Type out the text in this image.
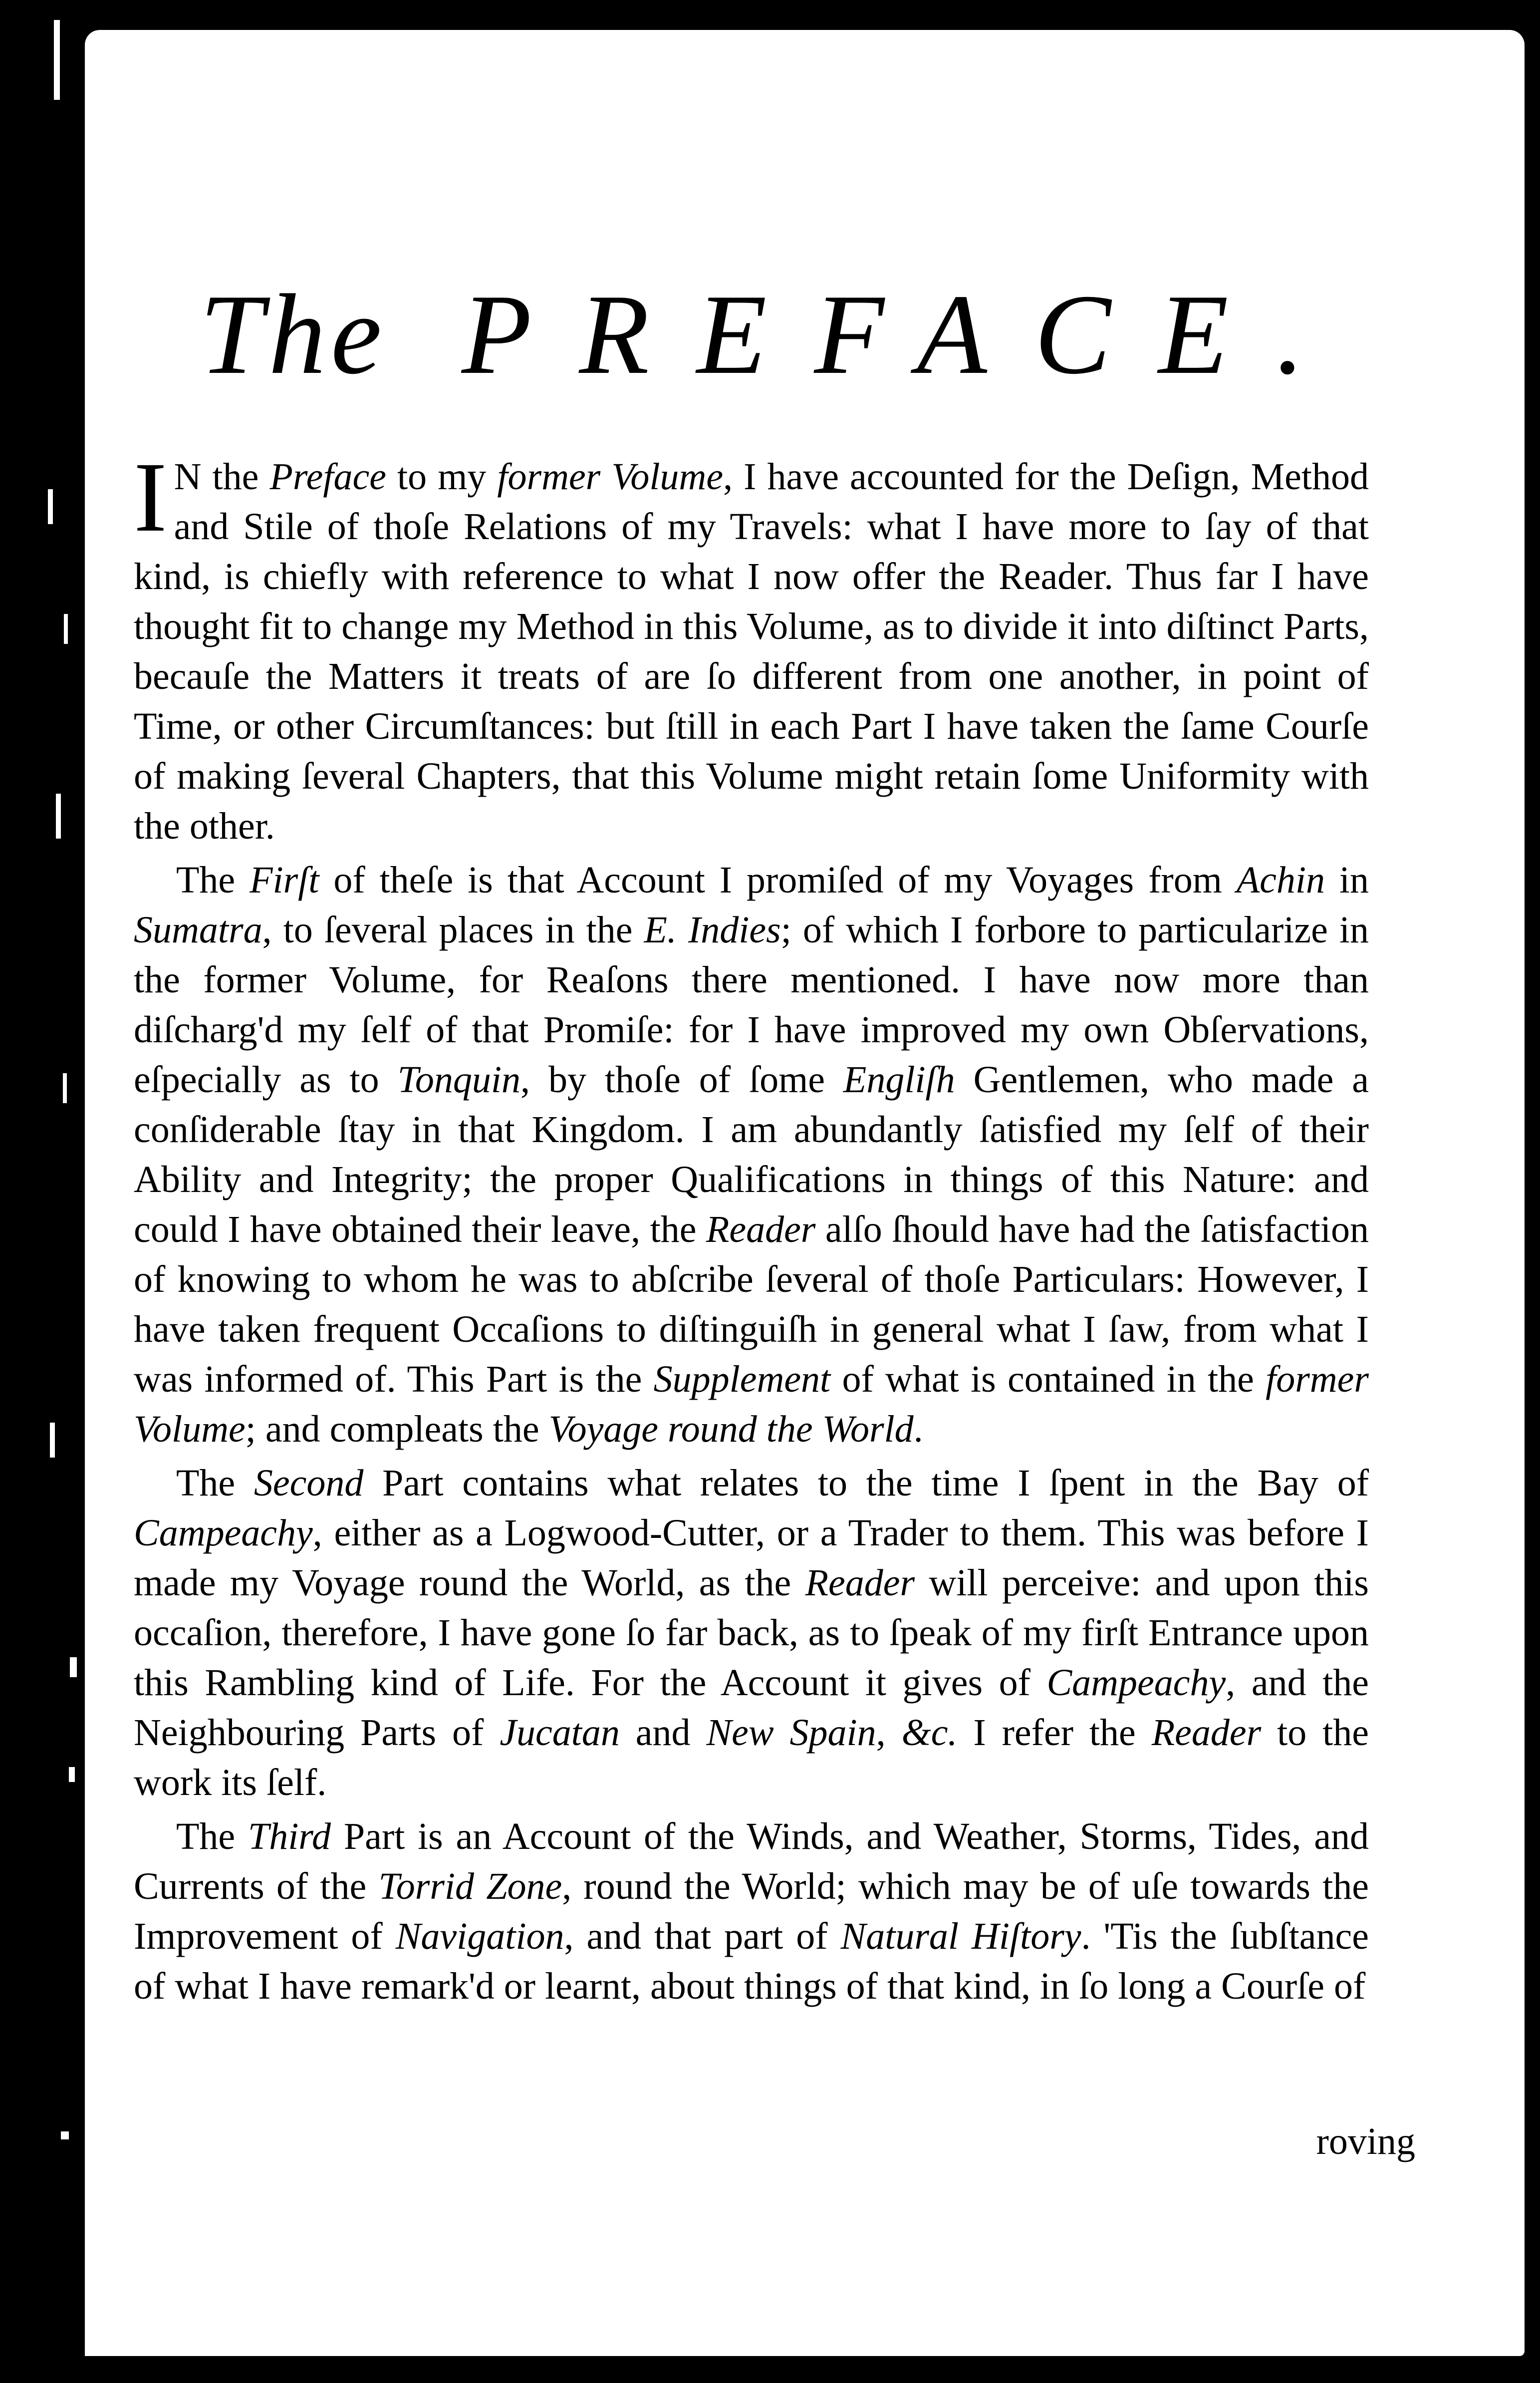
The PREFACE.

I N the Preface to my former Volume, I have accounted for the Deſign, Method and Stile of thoſe Relations of my Travels: what I have more to ſay of that kind, is chiefly with reference to what I now offer the Reader. Thus far I have thought fit to change my Method in this Volume, as to divide it into diſtinct Parts, becauſe the Matters it treats of are ſo different from one another, in point of Time, or other Circumſtances: but ſtill in each Part I have taken the ſame Courſe of making ſeveral Chapters, that this Volume might retain ſome Uniformity with the other.

The Firſt of theſe is that Account I promiſed of my Voyages from Achin in Sumatra, to ſeveral places in the E. Indies; of which I forbore to particularize in the former Volume, for Reaſons there mentioned. I have now more than diſcharg'd my ſelf of that Promiſe: for I have improved my own Obſervations, eſpecially as to Tonquin, by thoſe of ſome Engliſh Gentlemen, who made a conſiderable ſtay in that Kingdom. I am abundantly ſatisfied my ſelf of their Ability and Integrity; the proper Qualifications in things of this Nature: and could I have obtained their leave, the Reader alſo ſhould have had the ſatisfaction of knowing to whom he was to abſcribe ſeveral of thoſe Particulars: However, I have taken frequent Occaſions to diſtinguiſh in general what I ſaw, from what I was informed of. This Part is the Supplement of what is contained in the former Volume; and compleats the Voyage round the World.

The Second Part contains what relates to the time I ſpent in the Bay of Campeachy, either as a Logwood-Cutter, or a Trader to them. This was before I made my Voyage round the World, as the Reader will perceive: and upon this occaſion, therefore, I have gone ſo far back, as to ſpeak of my firſt Entrance upon this Rambling kind of Life. For the Account it gives of Campeachy, and the Neighbouring Parts of Jucatan and New Spain, &c. I refer the Reader to the work its ſelf.

The Third Part is an Account of the Winds, and Weather, Storms, Tides, and Currents of the Torrid Zone, round the World; which may be of uſe towards the Improvement of Navigation, and that part of Natural Hiſtory. 'Tis the ſubſtance of what I have remark'd or learnt, about things of that kind, in ſo long a Courſe of

roving
